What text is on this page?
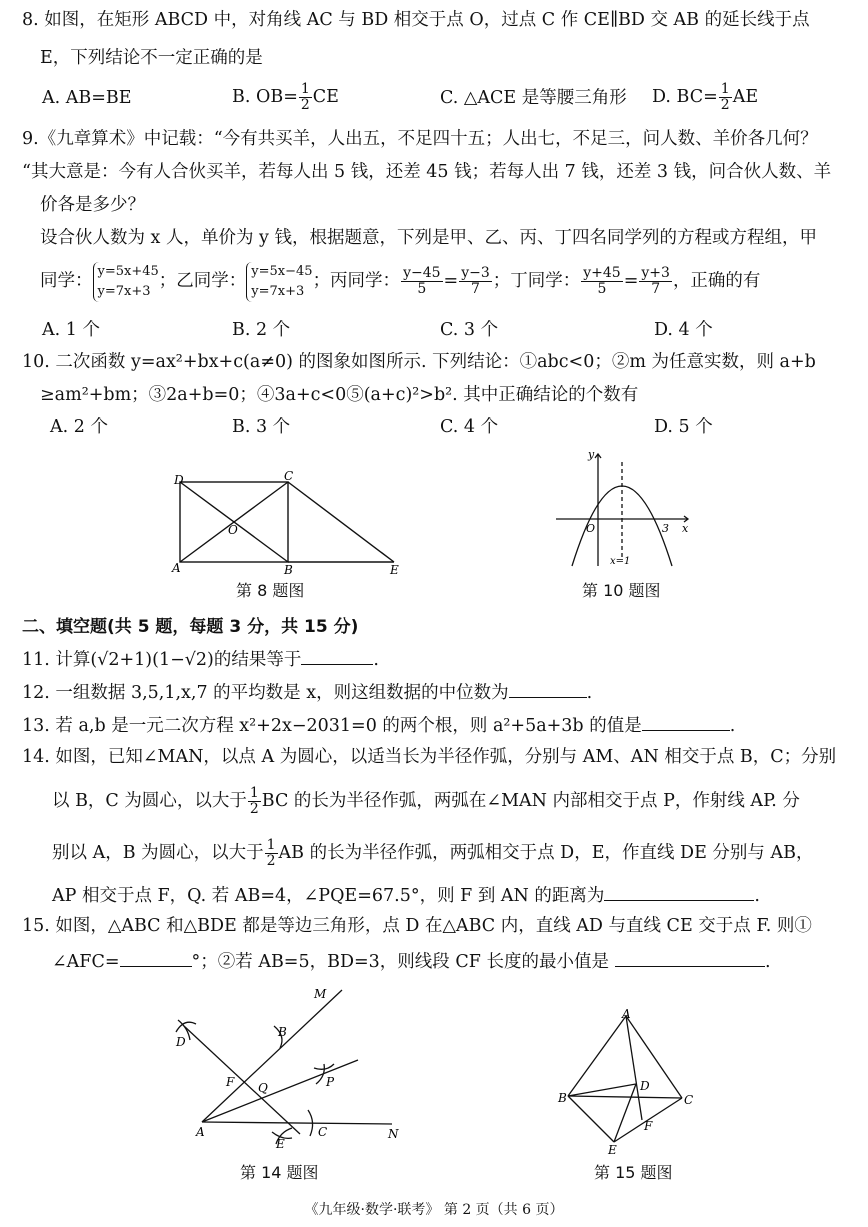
8. 如图，在矩形 ABCD 中，对角线 AC 与 BD 相交于点 O，过点 C 作 CE∥BD 交 AB 的延长线于点
E，下列结论不一定正确的是
A. AB=BE	B. $OB= \frac{1}{2}$ CE	C. △ACE 是等腰三角形 D. $BC= \frac{1}{2}$ AE
9.《九章算术》中记载：“今有共买羊，人出五，不足四十五；人出七，不足三，问人数、羊价各几何？
“其大意是：今有人合伙买羊，若每人出 5 钱，还差 45 钱；若每人出 7 钱，还差 3 钱，问合伙人数、羊
价各是多少？
设合伙人数为 x 人，单价为 y 钱，根据题意，下列是甲、乙、丙、丁四名同学列的方程或方程组，甲
同学： y=5x+45
y=7x+3 ；乙同学： y=5x−45
y=7x+3 ；丙同学： $\frac{y-45}{5} = \frac{y-3}{7}$ ；丁同学： $\frac{y+45}{5} = \frac{y+3}{7}$ ，正确的有
A. 1 个	B. 2 个	C. 3 个	D. 4 个
10. 二次函数 y=ax²+bx+c(a≠0) 的图象如图所示. 下列结论：①abc<0；②m 为任意实数，则 a+b
≥am²+bm；③2a+b=0；④3a+c<0⑤(a+c)²>b². 其中正确结论的个数有
A. 2 个	B. 3 个	C. 4 个	D. 5 个
D	C
O
A	B	E
第 8 题图
y
x
O	3
x=1
第 10 题图
二、填空题(共 5 题，每题 3 分，共 15 分)
11. 计算(√2+1)(1−√2)的结果等于	.
12. 一组数据 3,5,1,x,7 的平均数是 x，则这组数据的中位数为	.
13. 若 a,b 是一元二次方程 x²+2x−2031=0 的两个根，则 a²+5a+3b 的值是	.
14. 如图，已知∠MAN，以点 A 为圆心，以适当长为半径作弧，分别与 AM、AN 相交于点 B，C；分别
以 B，C 为圆心，以大于 $\frac{1}{2}$ BC 的长为半径作弧，两弧在∠MAN 内部相交于点 P，作射线 AP. 分
别以 A，B 为圆心，以大于 $\frac{1}{2}$ AB 的长为半径作弧，两弧相交于点 D，E，作直线 DE 分别与 AB，
AP 相交于点 F，Q. 若 AB=4，∠PQE=67.5°，则 F 到 AN 的距离为	.
15. 如图，△ABC 和△BDE 都是等边三角形，点 D 在△ABC 内，直线 AD 与直线 CE 交于点 F. 则①
∠AFC=	°；②若 AB=5，BD=3，则线段 CF 长度的最小值是	.
M
B
D
F Q	P
A
E
C	N
第 14 题图
A
B	C
D
E
F
第 15 题图
《九年级·数学·联考》 第 2 页（共 6 页）
